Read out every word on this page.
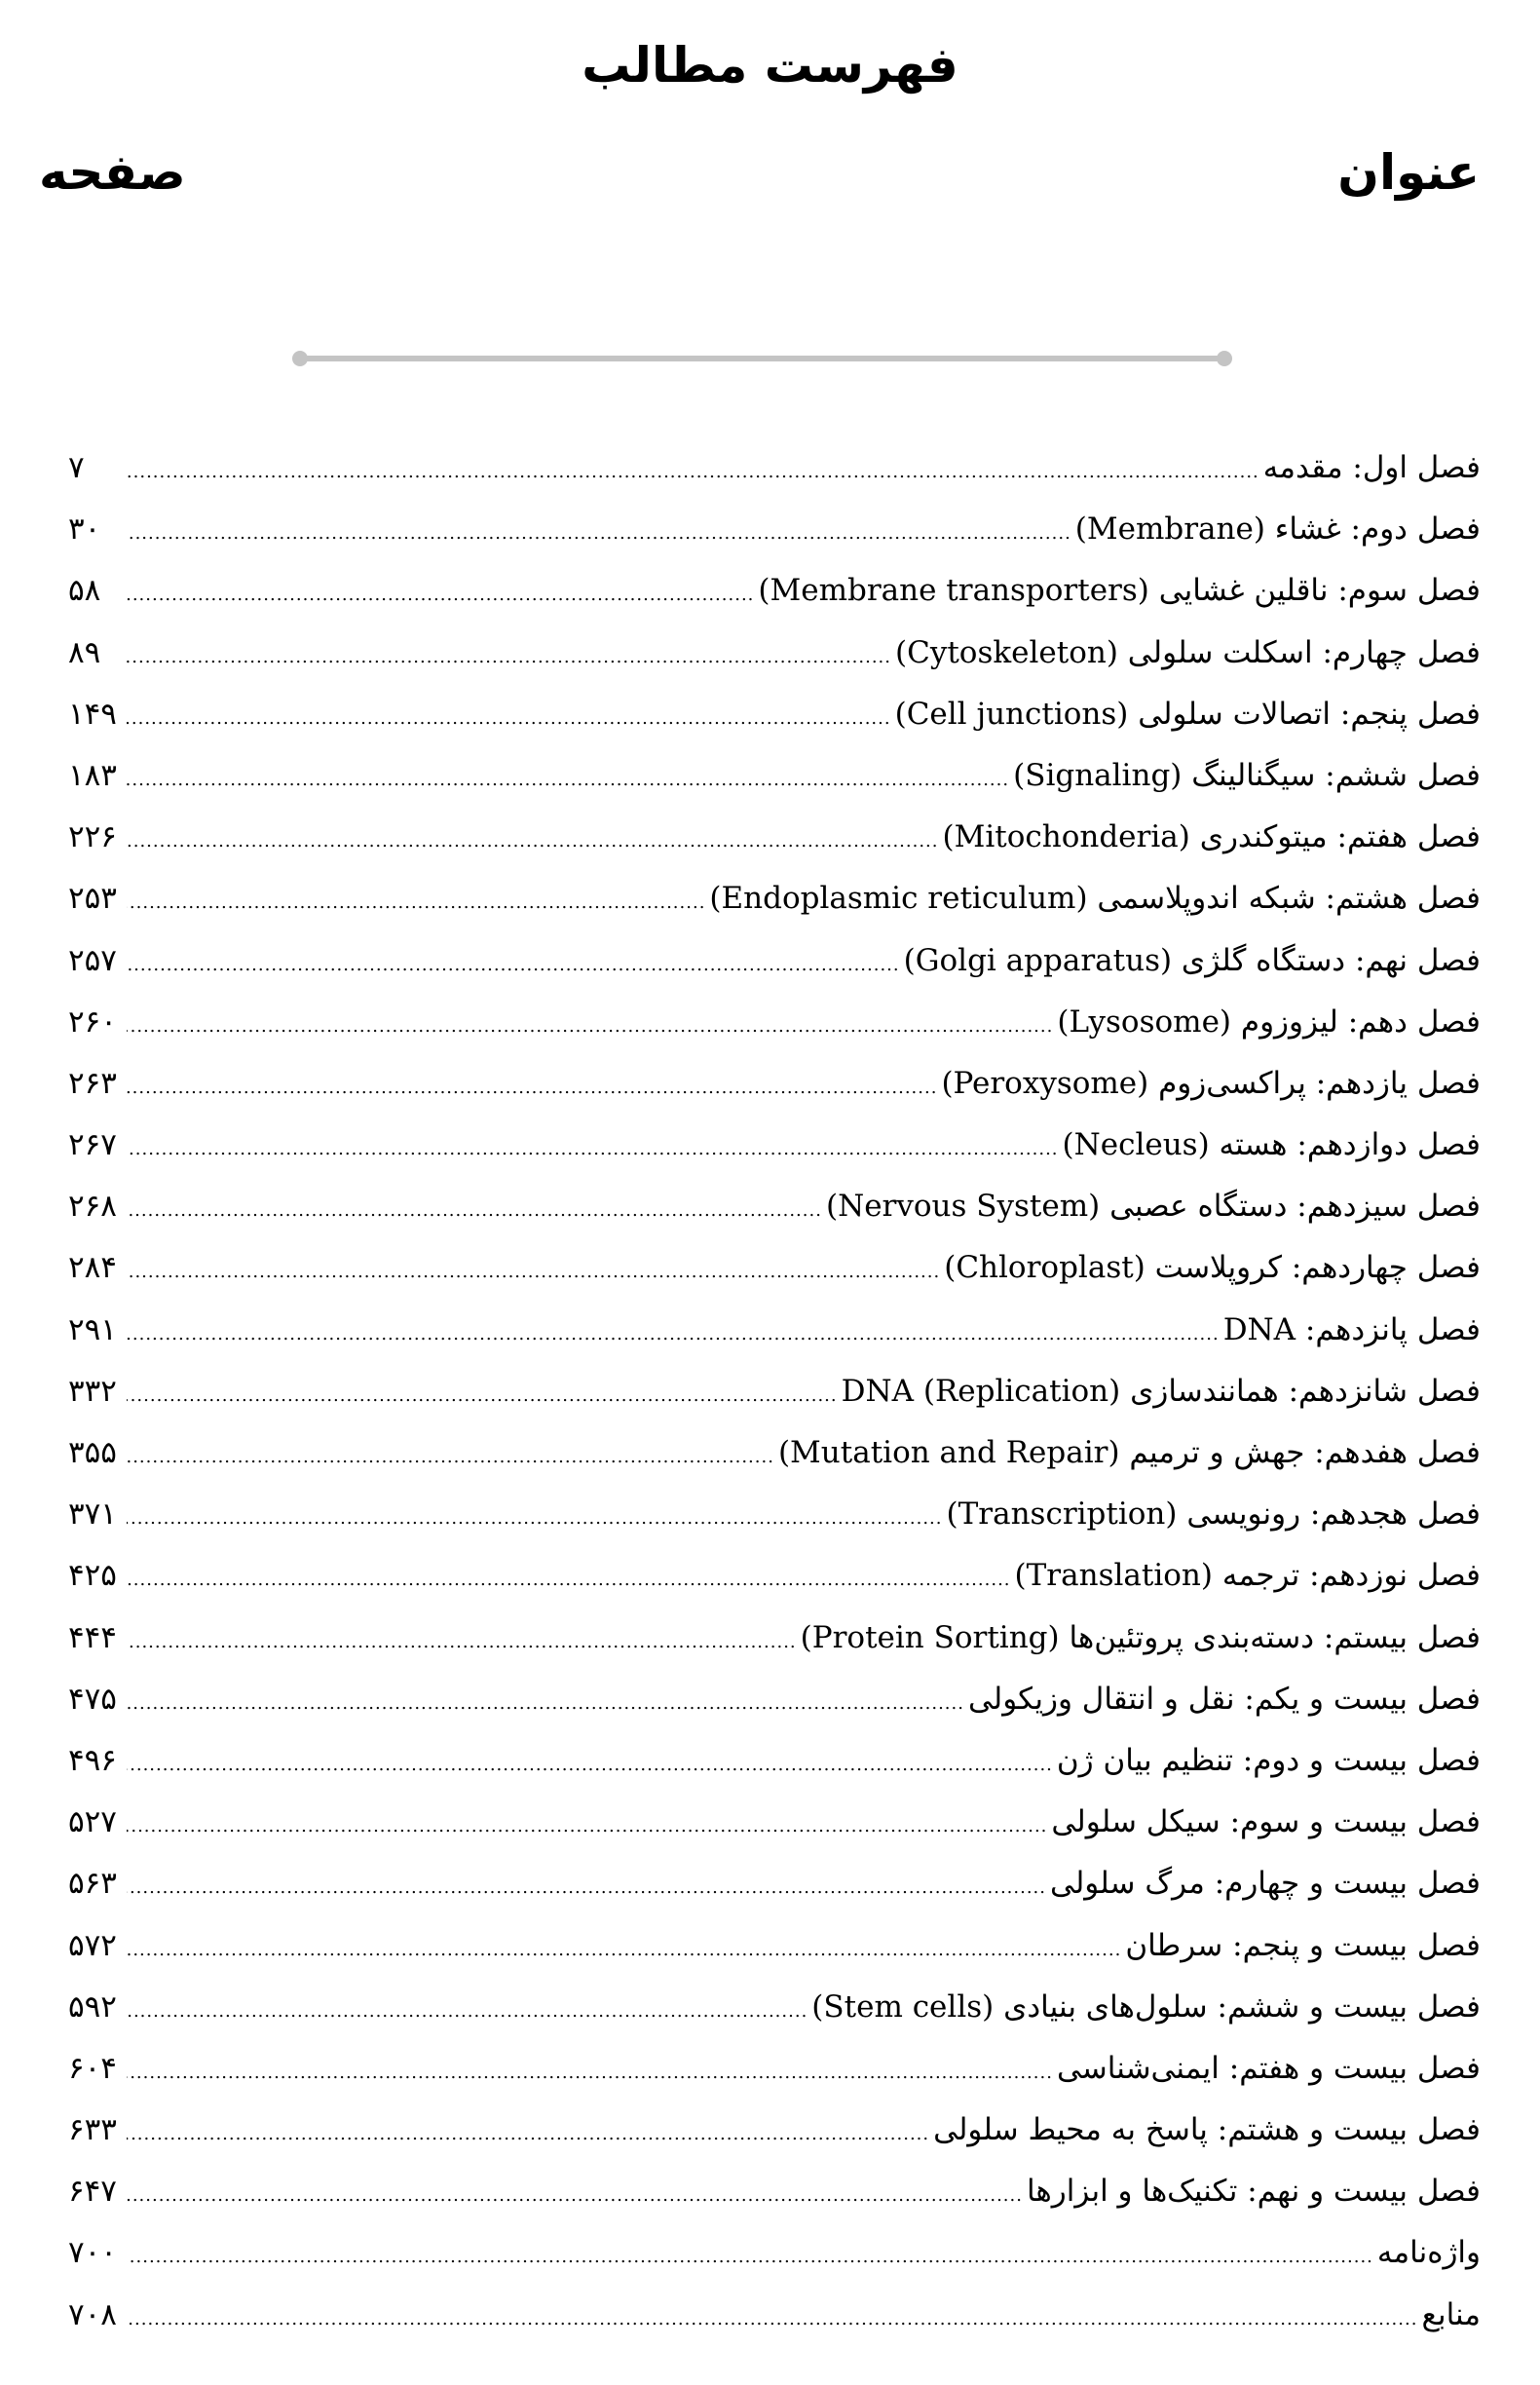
فهرست مطالب
عنوان
صفحه
فصل اول: مقدمه
.....
۷
فصل دوم: غشاء (Membrane)
.....
۳۰
فصل سوم: ناقلین غشایی (Membrane transporters)
.....
۵۸
فصل چهارم: اسکلت سلولی (Cytoskeleton)
.....
۸۹
فصل پنجم: اتصالات سلولی (Cell junctions)
.....
۱۴۹
فصل ششم: سیگنالینگ (Signaling)
.....
۱۸۳
فصل هفتم: میتوکندری (Mitochonderia)
.....
۲۲۶
فصل هشتم: شبکه اندوپلاسمی (Endoplasmic reticulum)
.....
۲۵۳
فصل نهم: دستگاه گلژی (Golgi apparatus)
.....
۲۵۷
فصل دهم: لیزوزوم (Lysosome)
.....
۲۶۰
فصل یازدهم: پراکسی‌زوم (Peroxysome)
.....
۲۶۳
فصل دوازدهم: هسته (Necleus)
.....
۲۶۷
فصل سیزدهم: دستگاه عصبی (Nervous System)
.....
۲۶۸
فصل چهاردهم: کروپلاست (Chloroplast)
.....
۲۸۴
فصل پانزدهم: DNA
.....
۲۹۱
فصل شانزدهم: همانندسازی DNA (Replication)
.....
۳۳۲
فصل هفدهم: جهش و ترمیم (Mutation and Repair)
.....
۳۵۵
فصل هجدهم: رونویسی (Transcription)
.....
۳۷۱
فصل نوزدهم: ترجمه (Translation)
.....
۴۲۵
فصل بیستم: دسته‌بندی پروتئین‌ها (Protein Sorting)
.....
۴۴۴
فصل بیست و یکم: نقل و انتقال وزیکولی
.....
۴۷۵
فصل بیست و دوم: تنظیم بیان ژن
.....
۴۹۶
فصل بیست و سوم: سیکل سلولی
.....
۵۲۷
فصل بیست و چهارم: مرگ سلولی
.....
۵۶۳
فصل بیست و پنجم: سرطان
.....
۵۷۲
فصل بیست و ششم: سلول‌های بنیادی (Stem cells)
.....
۵۹۲
فصل بیست و هفتم: ایمنی‌شناسی
.....
۶۰۴
فصل بیست و هشتم: پاسخ به محیط سلولی
.....
۶۳۳
فصل بیست و نهم: تکنیک‌ها و ابزارها
.....
۶۴۷
واژه‌نامه
.....
۷۰۰
منابع
.....
۷۰۸
